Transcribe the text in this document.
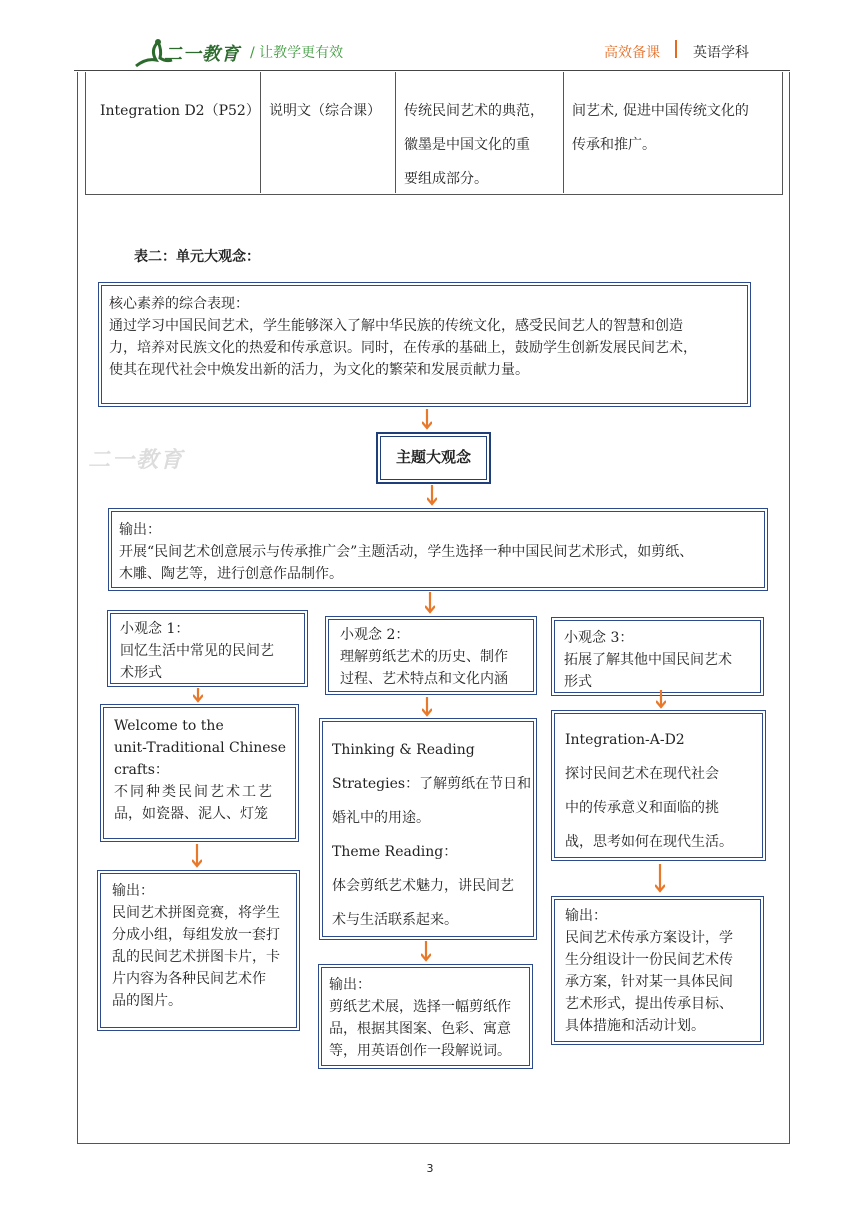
二一教育 / 让教学更有效	高效备课 英语学科
Integration D2（P52） 说明文（综合课） 传统民间艺术的典范，
徽墨是中国文化的重
要组成部分。
间艺术, 促进中国传统文化的
传承和推广。
表二：单元大观念：
核心素养的综合表现：
通过学习中国民间艺术，学生能够深入了解中华民族的传统文化，感受民间艺人的智慧和创造
力，培养对民族文化的热爱和传承意识。同时，在传承的基础上，鼓励学生创新发展民间艺术，
使其在现代社会中焕发出新的活力，为文化的繁荣和发展贡献力量。
二一教育	主题大观念
输出：
开展“民间艺术创意展示与传承推广会”主题活动，学生选择一种中国民间艺术形式，如剪纸、
木雕、陶艺等，进行创意作品制作。
小观念 1：
回忆生活中常见的民间艺
术形式
Welcome to the
unit-Traditional Chinese
crafts：
不同种类民间艺术工艺
品，如瓷器、泥人、灯笼
输出：
民间艺术拼图竞赛，将学生
分成小组，每组发放一套打
乱的民间艺术拼图卡片，卡
片内容为各种民间艺术作
品的图片。
小观念 2：
理解剪纸艺术的历史、制作
过程、艺术特点和文化内涵
Thinking & Reading
Strategies：了解剪纸在节日和
婚礼中的用途。
Theme Reading：
体会剪纸艺术魅力，讲民间艺
术与生活联系起来。
输出：
剪纸艺术展，选择一幅剪纸作
品，根据其图案、色彩、寓意
等，用英语创作一段解说词。
小观念 3：
拓展了解其他中国民间艺术
形式
Integration-A-D2
探讨民间艺术在现代社会
中的传承意义和面临的挑
战，思考如何在现代生活。
输出：
民间艺术传承方案设计，学
生分组设计一份民间艺术传
承方案，针对某一具体民间
艺术形式，提出传承目标、
具体措施和活动计划。
3
